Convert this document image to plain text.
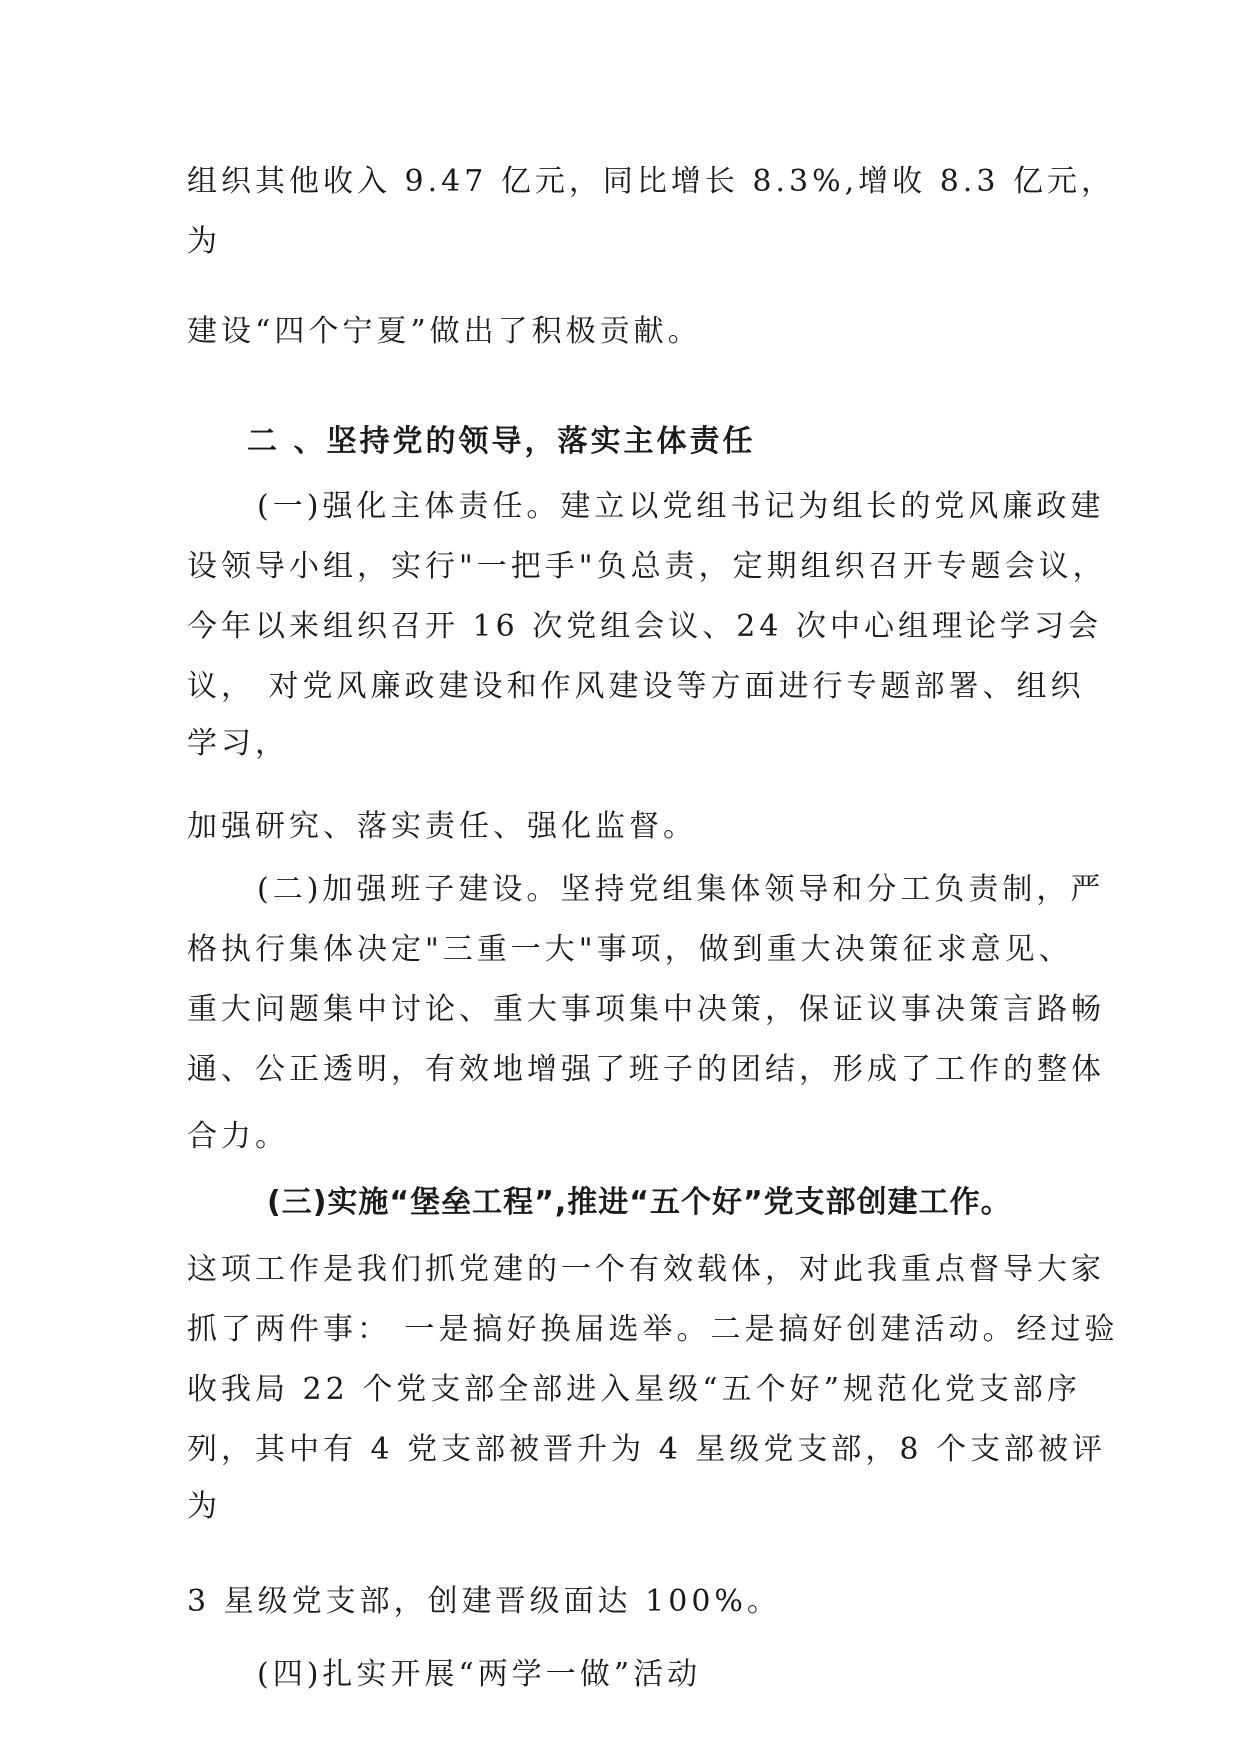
组织其他收入 9.47 亿元，同比增长 8.3%,增收 8.3 亿元，
为
建设“四个宁夏”做出了积极贡献。
二 、坚持党的领导，落实主体责任
(一)强化主体责任。建立以党组书记为组长的党风廉政建
设领导小组，实行"一把手"负总责，定期组织召开专题会议，
今年以来组织召开 16 次党组会议、24 次中心组理论学习会
议， 对党风廉政建设和作风建设等方面进行专题部署、组织
学习，
加强研究、落实责任、强化监督。
(二)加强班子建设。坚持党组集体领导和分工负责制，严
格执行集体决定"三重一大"事项，做到重大决策征求意见、
重大问题集中讨论、重大事项集中决策，保证议事决策言路畅
通、公正透明，有效地增强了班子的团结，形成了工作的整体
合力。
(三)实施“堡垒工程”,推进“五个好”党支部创建工作。
这项工作是我们抓党建的一个有效载体，对此我重点督导大家
抓了两件事： 一是搞好换届选举。二是搞好创建活动。经过验
收我局 22 个党支部全部进入星级“五个好”规范化党支部序
列，其中有 4 党支部被晋升为 4 星级党支部，8 个支部被评
为
3 星级党支部，创建晋级面达 100%。
(四)扎实开展“两学一做”活动
